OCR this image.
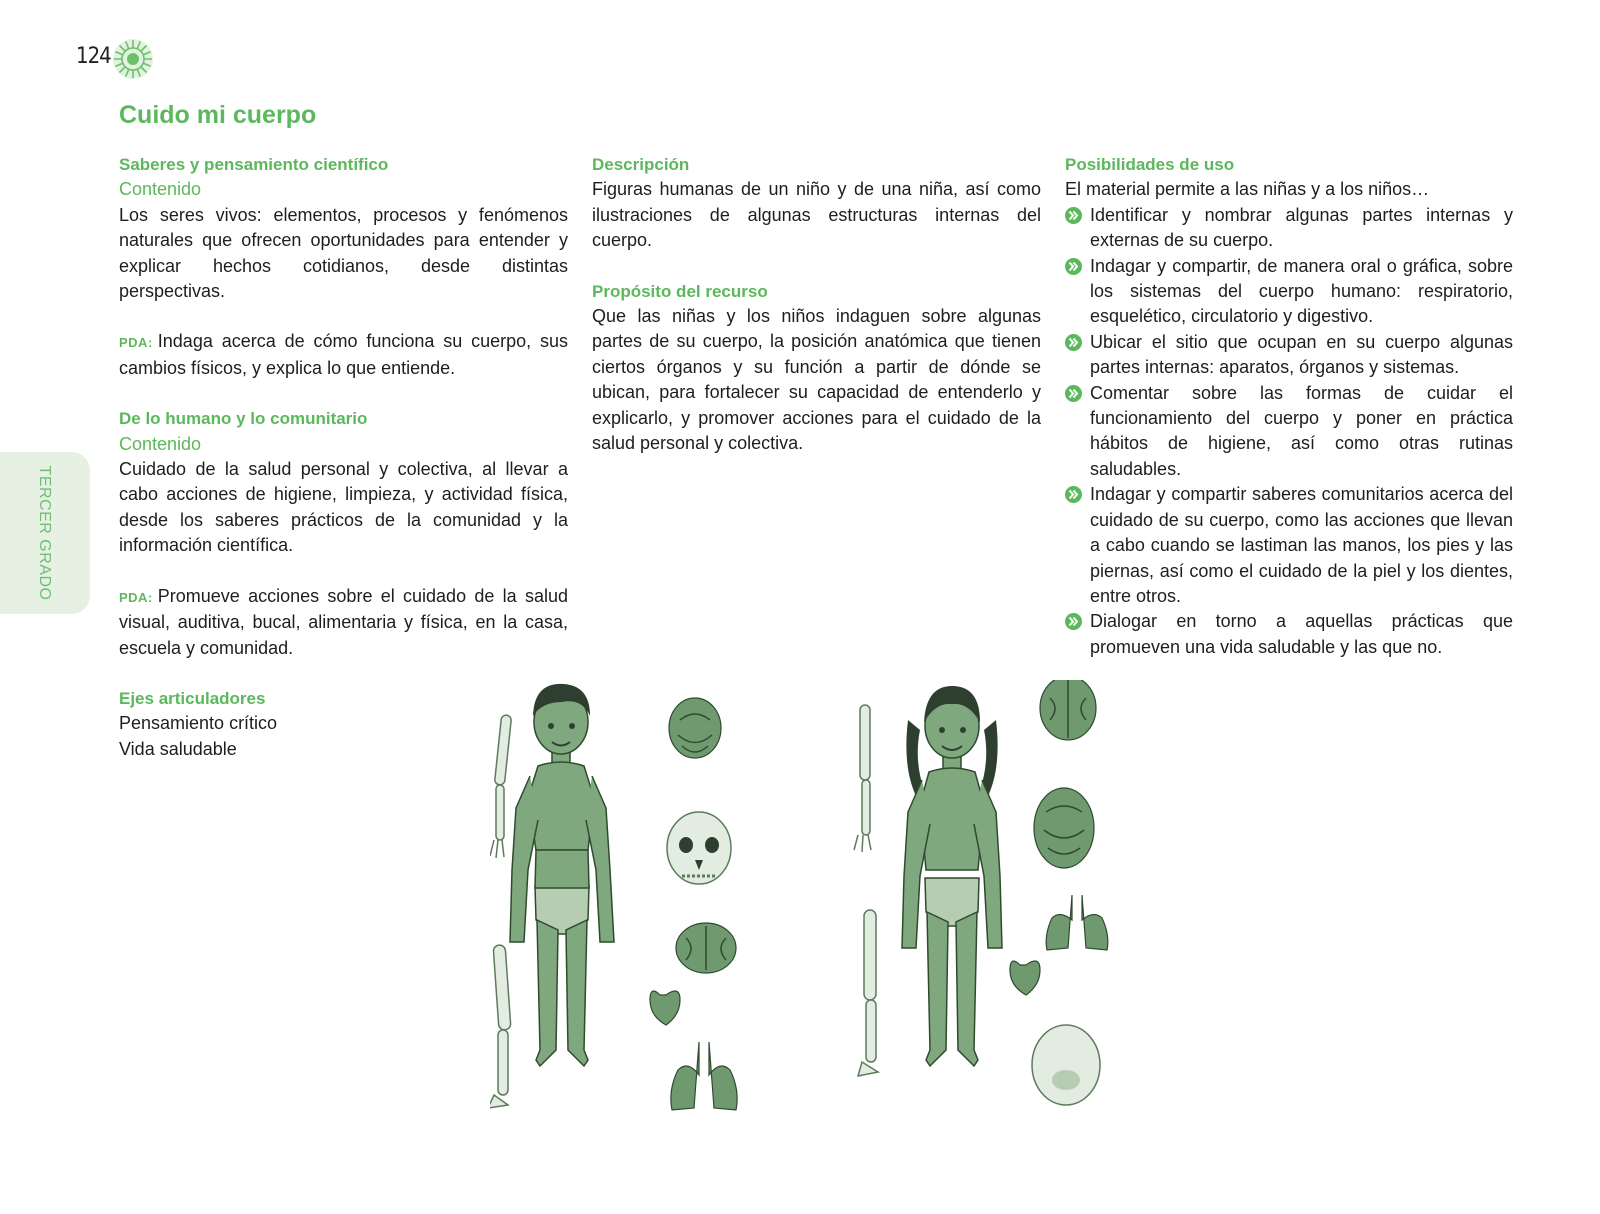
124
TERCER GRADO
Cuido mi cuerpo

Saberes y pensamiento científico

Contenido

Los seres vivos: elementos, procesos y fenómenos naturales que ofrecen oportunidades para entender y explicar hechos cotidianos, desde distintas perspectivas.

PDA: Indaga acerca de cómo funciona su cuerpo, sus cambios físicos, y explica lo que entiende.

De lo humano y lo comunitario

Contenido

Cuidado de la salud personal y colectiva, al llevar a cabo acciones de higiene, limpieza, y actividad física, desde los saberes prácticos de la comunidad y la información científica.

PDA: Promueve acciones sobre el cuidado de la salud visual, auditiva, bucal, alimentaria y física, en la casa, escuela y comunidad.

Ejes articuladores

Pensamiento crítico

Vida saludable

Descripción

Figuras humanas de un niño y de una niña, así como ilustraciones de algunas estructuras internas del cuerpo.

Propósito del recurso

Que las niñas y los niños indaguen sobre algunas partes de su cuerpo, la posición anatómica que tienen ciertos órganos y su función a partir de dónde se ubican, para fortalecer su capacidad de entenderlo y explicarlo, y promover acciones para el cuidado de la salud personal y colectiva.

Posibilidades de uso

El material permite a las niñas y a los niños…

Identificar y nombrar algunas partes internas y externas de su cuerpo.
Indagar y compartir, de manera oral o gráfica, sobre los sistemas del cuerpo humano: respiratorio, esquelético, circulatorio y digestivo.
Ubicar el sitio que ocupan en su cuerpo algunas partes internas: aparatos, órganos y sistemas.
Comentar sobre las formas de cuidar el funcionamiento del cuerpo y poner en práctica hábitos de higiene, así como otras rutinas saludables.
Indagar y compartir saberes comunitarios acerca del cuidado de su cuerpo, como las acciones que llevan a cabo cuando se lastiman las manos, los pies y las piernas, así como el cuidado de la piel y los dientes, entre otros.
Dialogar en torno a aquellas prácticas que promueven una vida saludable y las que no.
